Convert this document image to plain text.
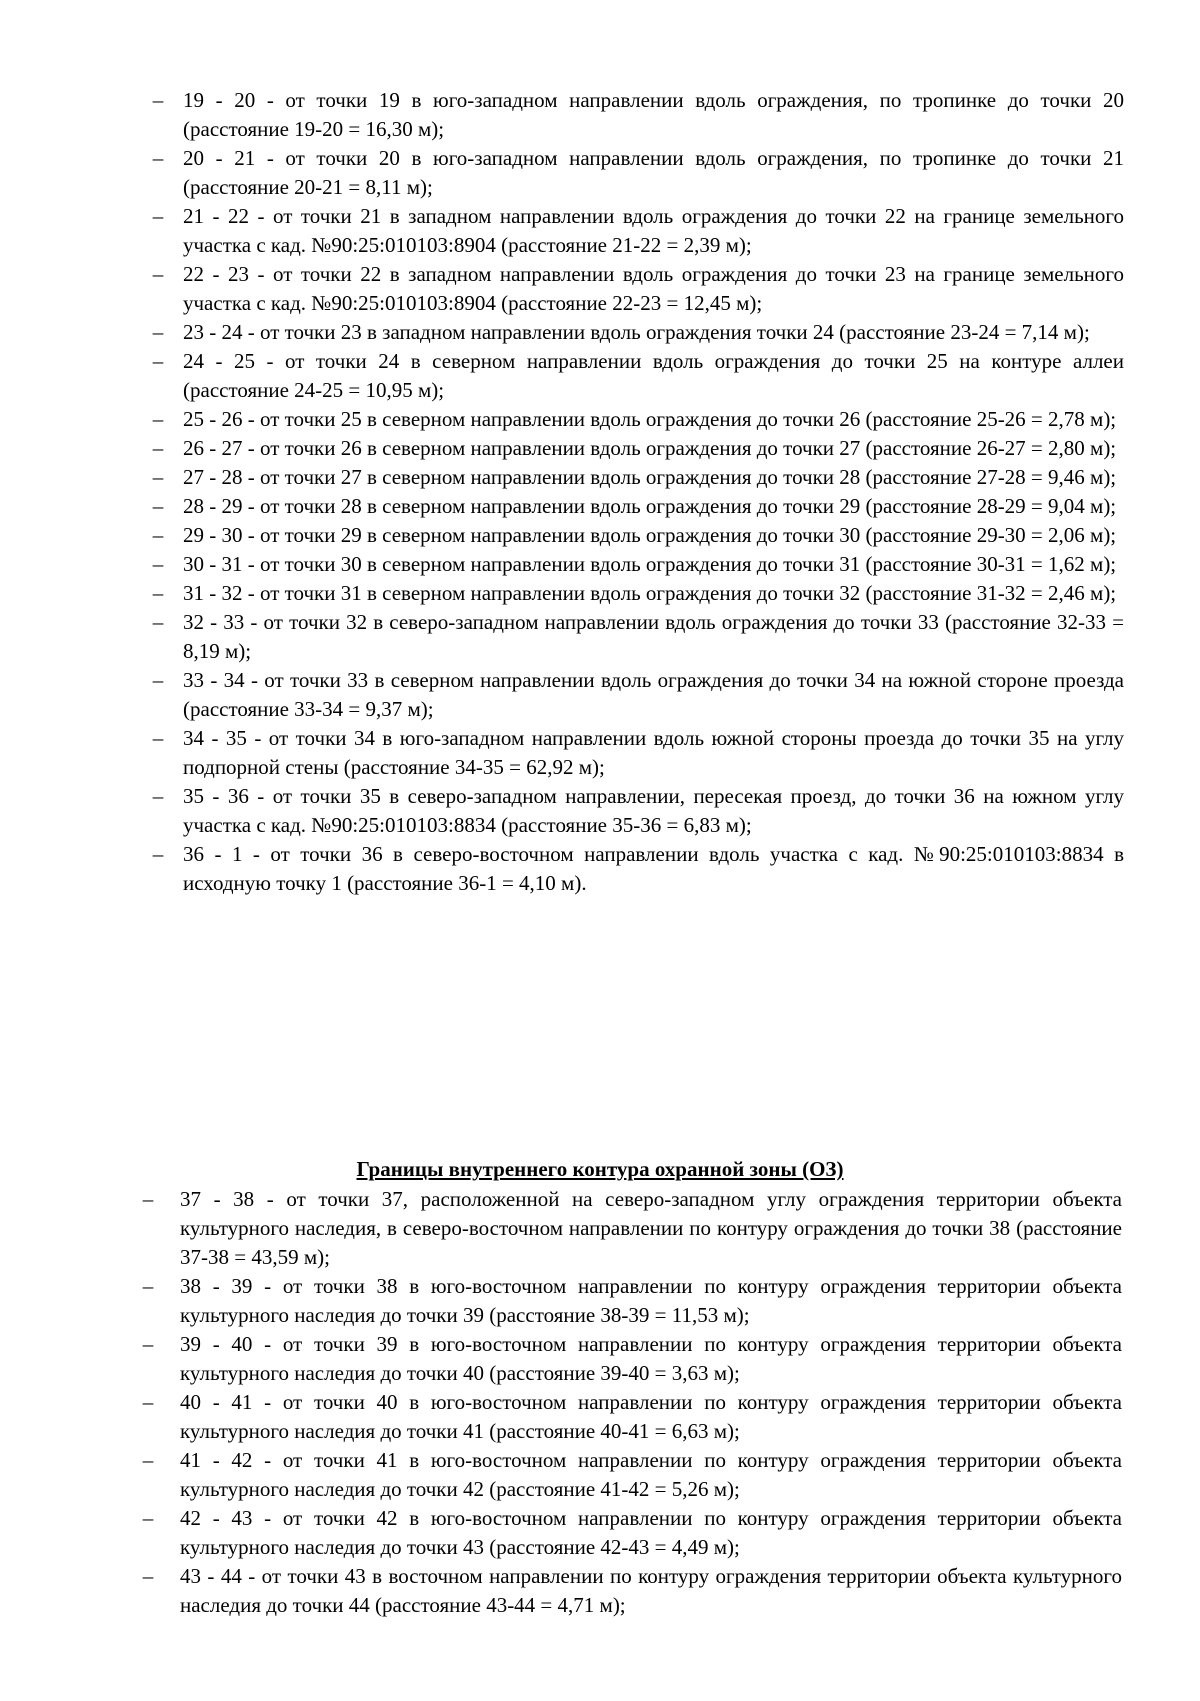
– 19 - 20 - от точки 19 в юго-западном направлении вдоль ограждения, по тропинке до точки 20 (расстояние 19-20 = 16,30 м);
– 20 - 21 - от точки 20 в юго-западном направлении вдоль ограждения, по тропинке до точки 21 (расстояние 20-21 = 8,11 м);
– 21 - 22 - от точки 21 в западном направлении вдоль ограждения до точки 22 на границе земельного участка с кад. №90:25:010103:8904 (расстояние 21-22 = 2,39 м);
– 22 - 23 - от точки 22 в западном направлении вдоль ограждения до точки 23 на границе земельного участка с кад. №90:25:010103:8904 (расстояние 22-23 = 12,45 м);
– 23 - 24 - от точки 23 в западном направлении вдоль ограждения точки 24 (расстояние 23-24 = 7,14 м);
– 24 - 25 - от точки 24 в северном направлении вдоль ограждения до точки 25 на контуре аллеи (расстояние 24-25 = 10,95 м);
– 25 - 26 - от точки 25 в северном направлении вдоль ограждения до точки 26 (расстояние 25-26 = 2,78 м);
– 26 - 27 - от точки 26 в северном направлении вдоль ограждения до точки 27 (расстояние 26-27 = 2,80 м);
– 27 - 28 - от точки 27 в северном направлении вдоль ограждения до точки 28 (расстояние 27-28 = 9,46 м);
– 28 - 29 - от точки 28 в северном направлении вдоль ограждения до точки 29 (расстояние 28-29 = 9,04 м);
– 29 - 30 - от точки 29 в северном направлении вдоль ограждения до точки 30 (расстояние 29-30 = 2,06 м);
– 30 - 31 - от точки 30 в северном направлении вдоль ограждения до точки 31 (расстояние 30-31 = 1,62 м);
– 31 - 32 - от точки 31 в северном направлении вдоль ограждения до точки 32 (расстояние 31-32 = 2,46 м);
– 32 - 33 - от точки 32 в северо-западном направлении вдоль ограждения до точки 33 (расстояние 32-33 = 8,19 м);
– 33 - 34 - от точки 33 в северном направлении вдоль ограждения до точки 34 на южной стороне проезда (расстояние 33-34 = 9,37 м);
– 34 - 35 - от точки 34 в юго-западном направлении вдоль южной стороны проезда до точки 35 на углу подпорной стены (расстояние 34-35 = 62,92 м);
– 35 - 36 - от точки 35 в северо-западном направлении, пересекая проезд, до точки 36 на южном углу участка с кад. №90:25:010103:8834 (расстояние 35-36 = 6,83 м);
– 36 - 1 - от точки 36 в северо-восточном направлении вдоль участка с кад. №90:25:010103:8834 в исходную точку 1 (расстояние 36-1 = 4,10 м).
Границы внутреннего контура охранной зоны (ОЗ)
–	37 - 38 - от точки 37, расположенной на северо-западном углу ограждения территории объекта культурного наследия, в северо-восточном направлении по контуру ограждения до точки 38 (расстояние 37-38 = 43,59 м);
–	38 - 39 - от точки 38 в юго-восточном направлении по контуру ограждения территории объекта культурного наследия до точки 39 (расстояние 38-39 = 11,53 м);
–	39 - 40 - от точки 39 в юго-восточном направлении по контуру ограждения территории объекта культурного наследия до точки 40 (расстояние 39-40 = 3,63 м);
–	40 - 41 - от точки 40 в юго-восточном направлении по контуру ограждения территории объекта культурного наследия до точки 41 (расстояние 40-41 = 6,63 м);
–	41 - 42 - от точки 41 в юго-восточном направлении по контуру ограждения территории объекта культурного наследия до точки 42 (расстояние 41-42 = 5,26 м);
–	42 - 43 - от точки 42 в юго-восточном направлении по контуру ограждения территории объекта культурного наследия до точки 43 (расстояние 42-43 = 4,49 м);
–	43 - 44 - от точки 43 в восточном направлении по контуру ограждения территории объекта культурного наследия до точки 44 (расстояние 43-44 = 4,71 м);
